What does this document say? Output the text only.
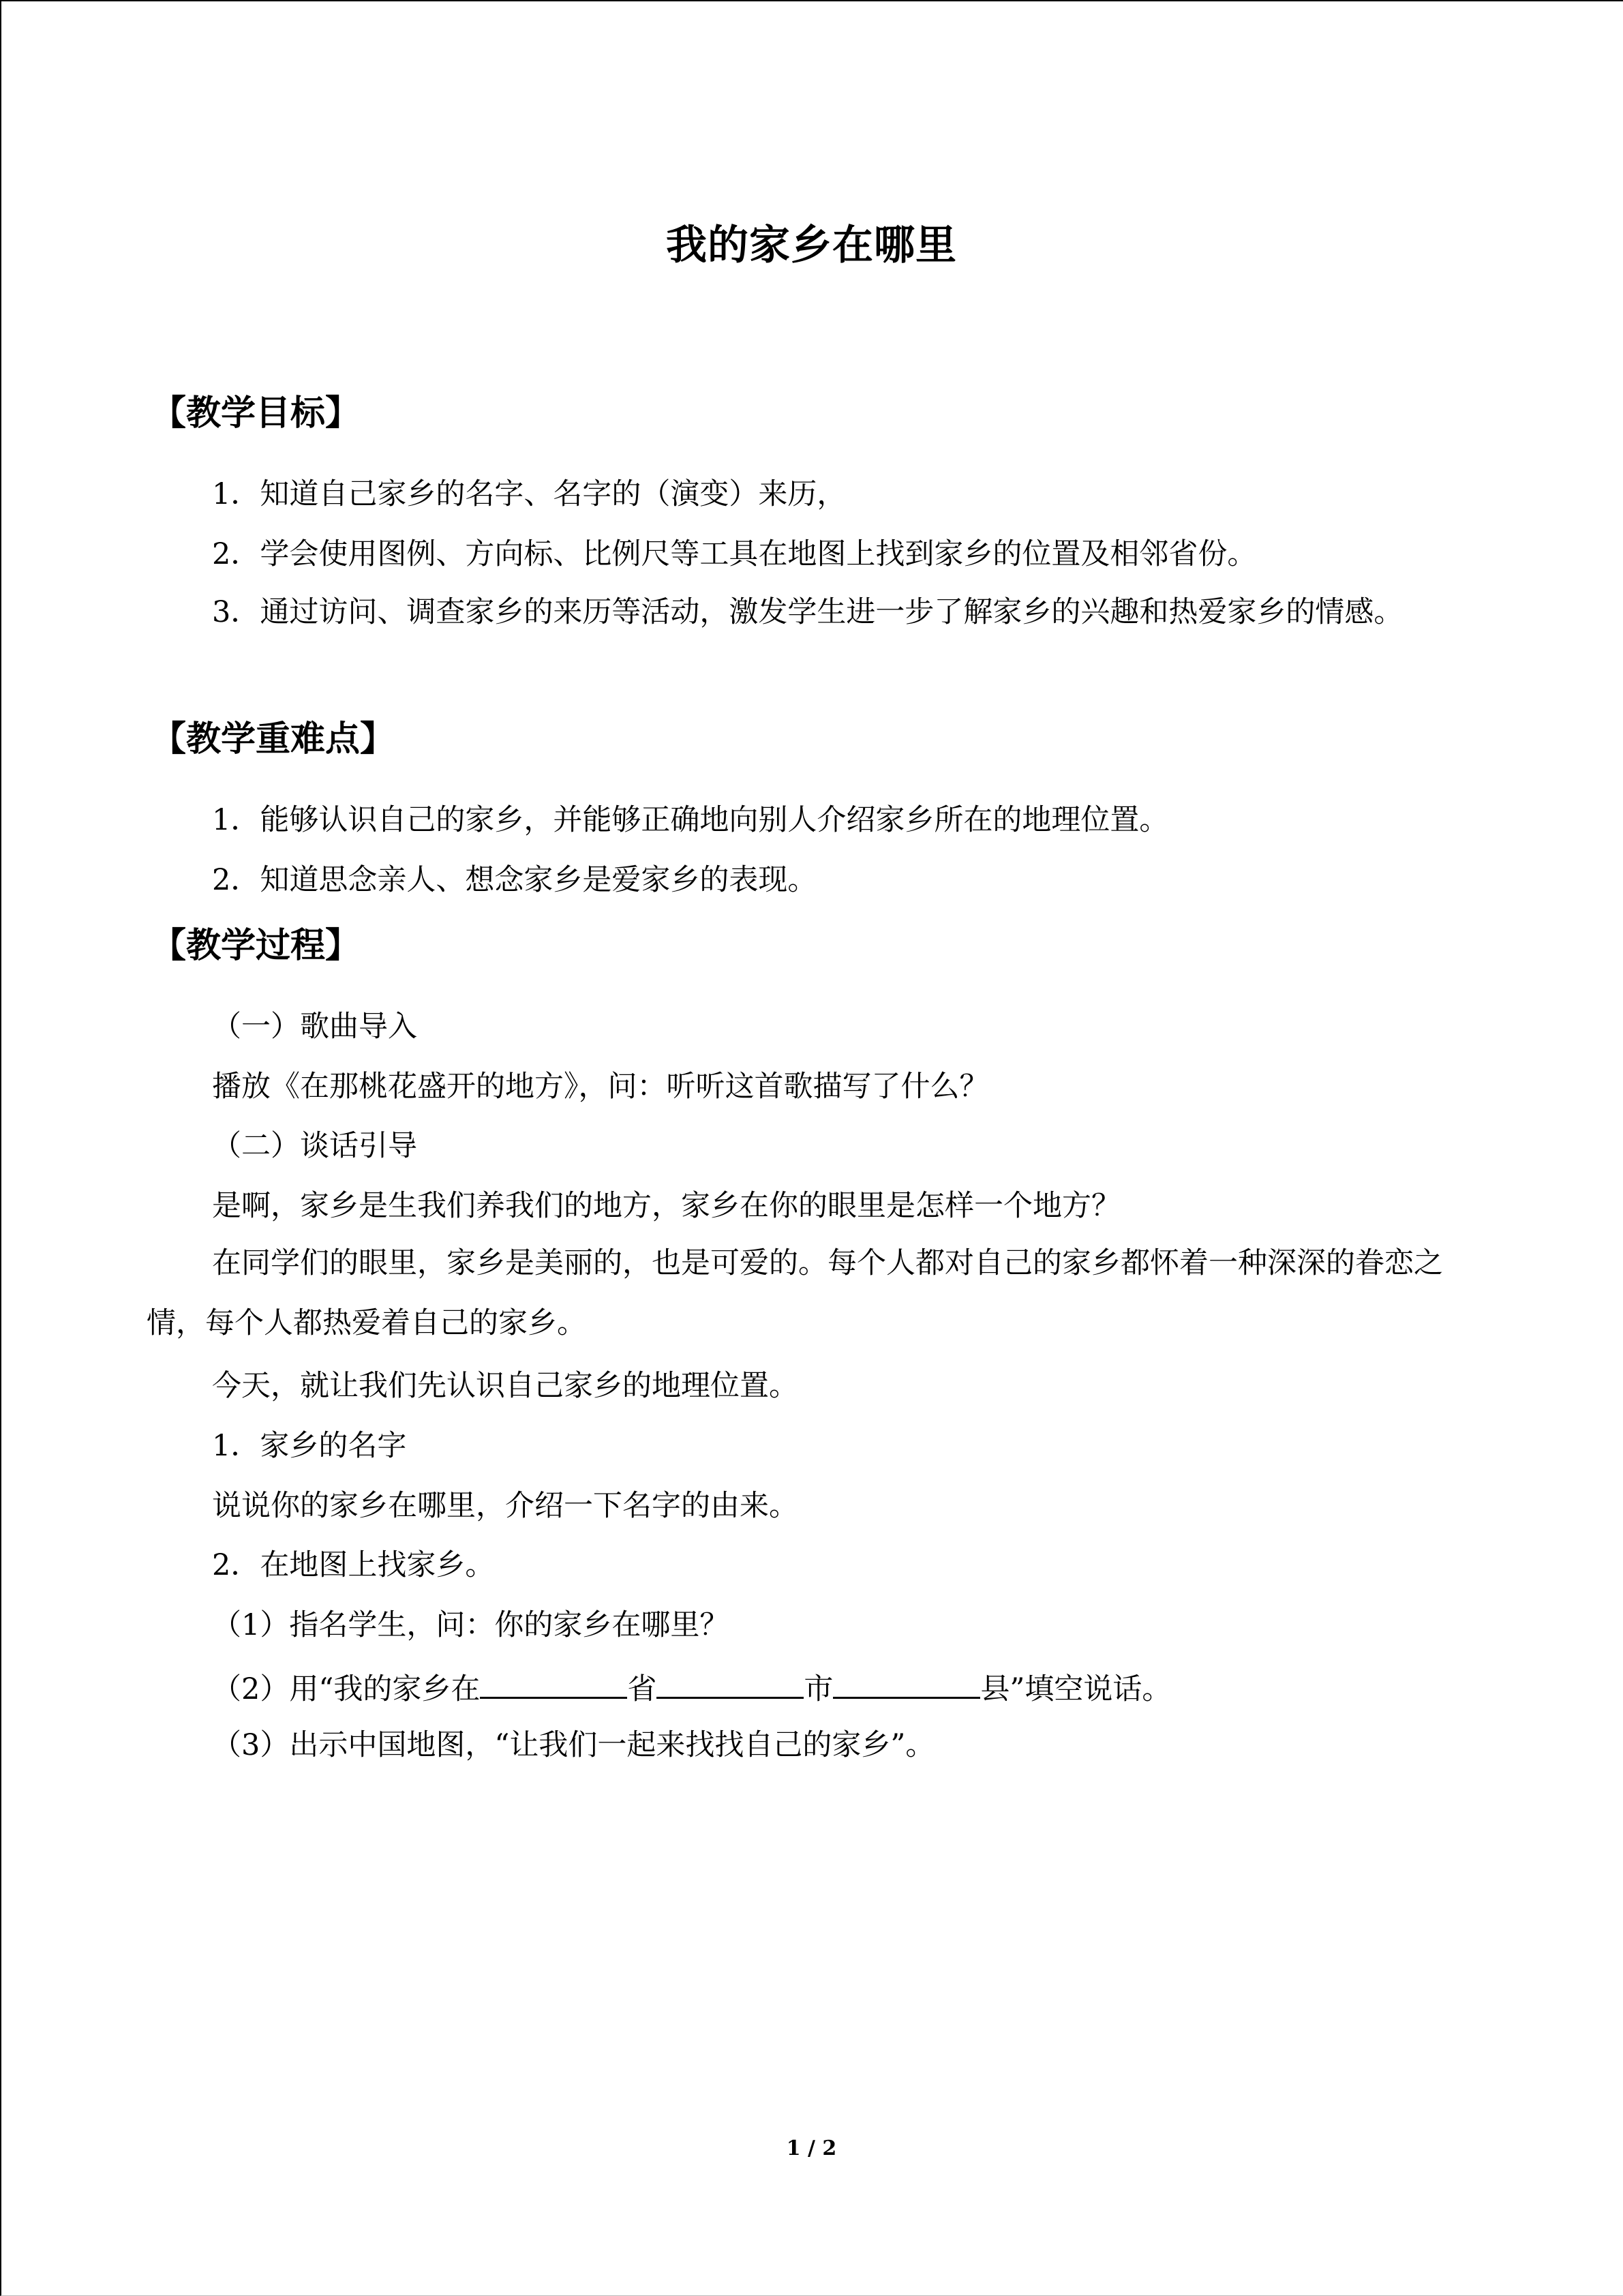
我的家乡在哪里
【教学目标】
1．知道自己家乡的名字、名字的（演变）来历，
2．学会使用图例、方向标、比例尺等工具在地图上找到家乡的位置及相邻省份。
3．通过访问、调查家乡的来历等活动，激发学生进一步了解家乡的兴趣和热爱家乡的情感。
【教学重难点】
1．能够认识自己的家乡，并能够正确地向别人介绍家乡所在的地理位置。
2．知道思念亲人、想念家乡是爱家乡的表现。
【教学过程】
（一）歌曲导入
播放《在那桃花盛开的地方》，问：听听这首歌描写了什么？
（二）谈话引导
是啊，家乡是生我们养我们的地方，家乡在你的眼里是怎样一个地方？
在同学们的眼里，家乡是美丽的，也是可爱的。每个人都对自己的家乡都怀着一种深深的眷恋之情，每个人都热爱着自己的家乡。
今天，就让我们先认识自己家乡的地理位置。
1．家乡的名字
说说你的家乡在哪里，介绍一下名字的由来。
2．在地图上找家乡。
（1）指名学生，问：你的家乡在哪里？
（2）用“我的家乡在	省	市	县”填空说话。
（3）出示中国地图，“让我们一起来找找自己的家乡”。
1 / 2
